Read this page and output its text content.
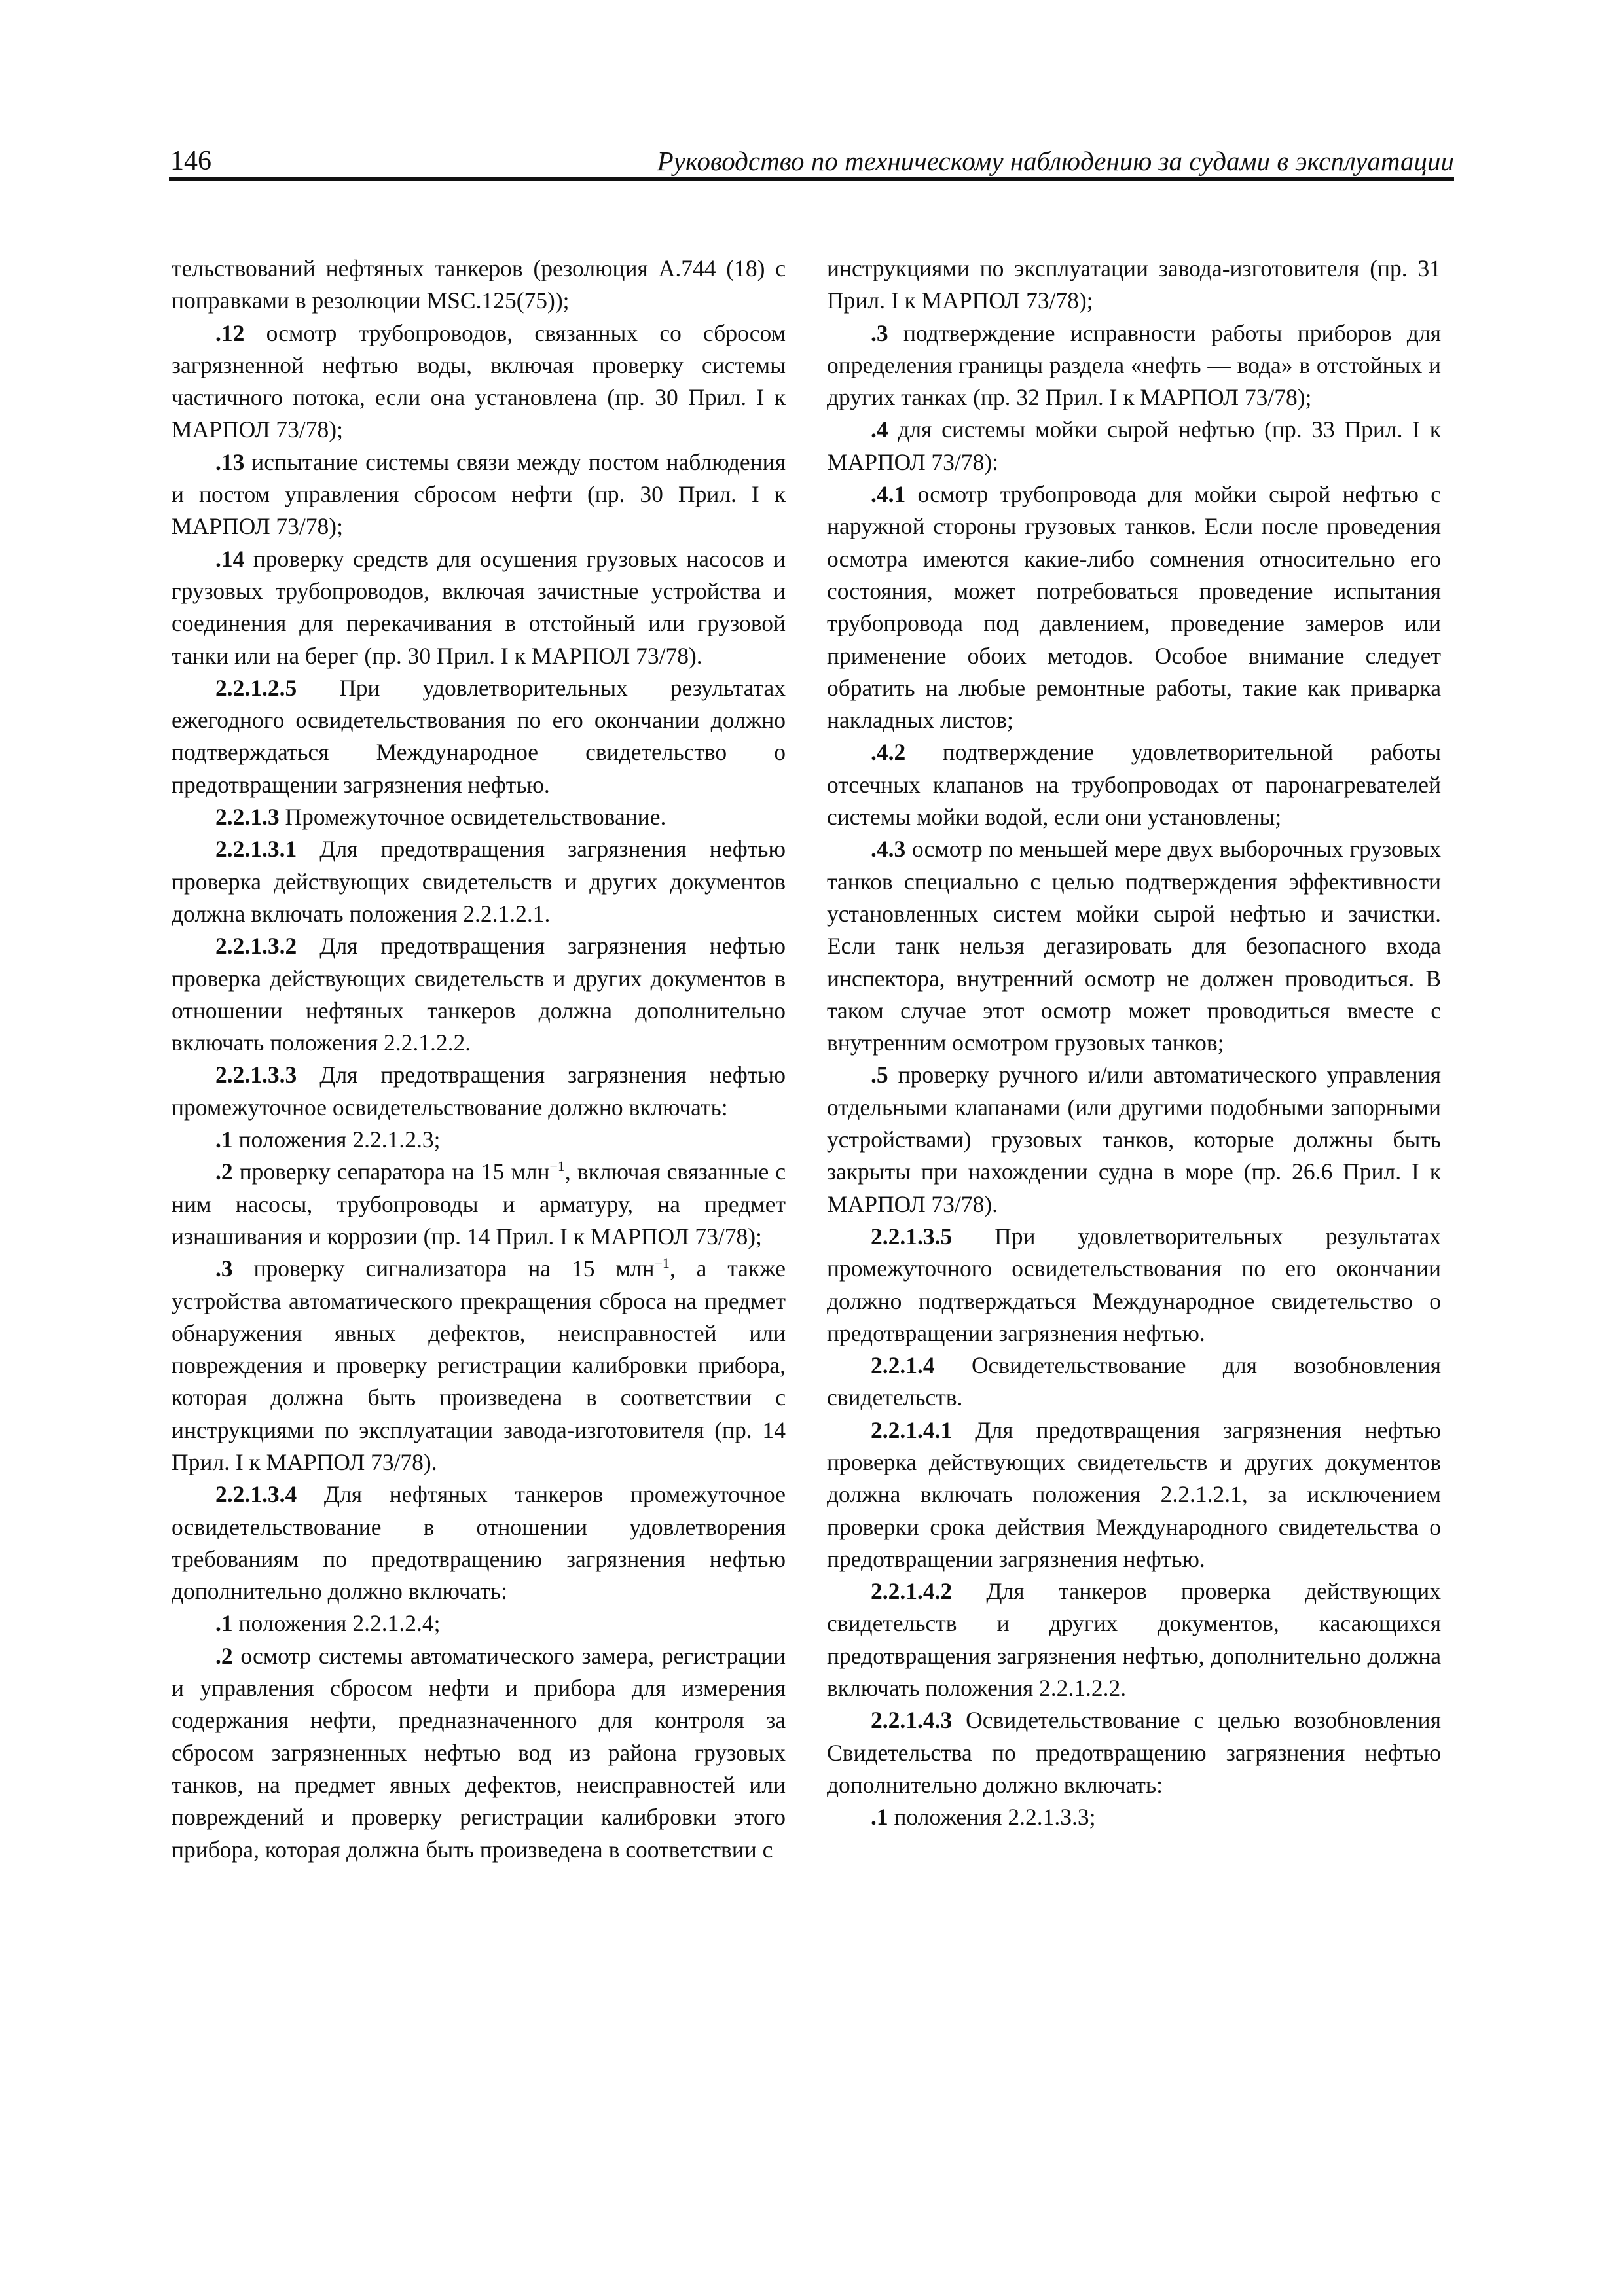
146	Руководство по техническому наблюдению за судами в эксплуатации

тельствований нефтяных танкеров (резолюция А.744 (18) с поправками в резолюции MSC.125(75));

.12 осмотр трубопроводов, связанных со сбросом загрязненной нефтью воды, включая проверку системы частичного потока, если она установлена (пр. 30 Прил. I к МАРПОЛ 73/78);

.13 испытание системы связи между постом наблюдения и постом управления сбросом нефти (пр. 30 Прил. I к МАРПОЛ 73/78);

.14 проверку средств для осушения грузовых насосов и грузовых трубопроводов, включая зачистные устройства и соединения для перекачивания в отстойный или грузовой танки или на берег (пр. 30 Прил. I к МАРПОЛ 73/78).

2.2.1.2.5 При удовлетворительных результатах ежегодного освидетельствования по его окончании должно подтверждаться Международное свидетельство о предотвращении загрязнения нефтью.

2.2.1.3 Промежуточное освидетельствование.

2.2.1.3.1 Для предотвращения загрязнения нефтью проверка действующих свидетельств и других документов должна включать положения 2.2.1.2.1.

2.2.1.3.2 Для предотвращения загрязнения нефтью проверка действующих свидетельств и других документов в отношении нефтяных танкеров должна дополнительно включать положения 2.2.1.2.2.

2.2.1.3.3 Для предотвращения загрязнения нефтью промежуточное освидетельствование должно включать:

.1 положения 2.2.1.2.3;

.2 проверку сепаратора на 15 млн$^{-1}$, включая связанные с ним насосы, трубопроводы и арматуру, на предмет изнашивания и коррозии (пр. 14 Прил. I к МАРПОЛ 73/78);

.3 проверку сигнализатора на 15 млн$^{-1}$, а также устройства автоматического прекращения сброса на предмет обнаружения явных дефектов, неисправностей или повреждения и проверку регистрации калибровки прибора, которая должна быть произведена в соответствии с инструкциями по эксплуатации завода-изготовителя (пр. 14 Прил. I к МАРПОЛ 73/78).

2.2.1.3.4 Для нефтяных танкеров промежуточное освидетельствование в отношении удовлетворения требованиям по предотвращению загрязнения нефтью дополнительно должно включать:

.1 положения 2.2.1.2.4;

.2 осмотр системы автоматического замера, регистрации и управления сбросом нефти и прибора для измерения содержания нефти, предназначенного для контроля за сбросом загрязненных нефтью вод из района грузовых танков, на предмет явных дефектов, неисправностей или повреждений и проверку регистрации калибровки этого прибора, которая должна быть произведена в соответствии с

инструкциями по эксплуатации завода-изготовителя (пр. 31 Прил. I к МАРПОЛ 73/78);

.3 подтверждение исправности работы приборов для определения границы раздела «нефть — вода» в отстойных и других танках (пр. 32 Прил. I к МАРПОЛ 73/78);

.4 для системы мойки сырой нефтью (пр. 33 Прил. I к МАРПОЛ 73/78):

.4.1 осмотр трубопровода для мойки сырой нефтью с наружной стороны грузовых танков. Если после проведения осмотра имеются какие-либо сомнения относительно его состояния, может потребоваться проведение испытания трубопровода под давлением, проведение замеров или применение обоих методов. Особое внимание следует обратить на любые ремонтные работы, такие как приварка накладных листов;

.4.2 подтверждение удовлетворительной работы отсечных клапанов на трубопроводах от паронагревателей системы мойки водой, если они установлены;

.4.3 осмотр по меньшей мере двух выборочных грузовых танков специально с целью подтверждения эффективности установленных систем мойки сырой нефтью и зачистки. Если танк нельзя дегазировать для безопасного входа инспектора, внутренний осмотр не должен проводиться. В таком случае этот осмотр может проводиться вместе с внутренним осмотром грузовых танков;

.5 проверку ручного и/или автоматического управления отдельными клапанами (или другими подобными запорными устройствами) грузовых танков, которые должны быть закрыты при нахождении судна в море (пр. 26.6 Прил. I к МАРПОЛ 73/78).

2.2.1.3.5 При удовлетворительных результатах промежуточного освидетельствования по его окончании должно подтверждаться Международное свидетельство о предотвращении загрязнения нефтью.

2.2.1.4 Освидетельствование для возобновления свидетельств.

2.2.1.4.1 Для предотвращения загрязнения нефтью проверка действующих свидетельств и других документов должна включать положения 2.2.1.2.1, за исключением проверки срока действия Международного свидетельства о предотвращении загрязнения нефтью.

2.2.1.4.2 Для танкеров проверка действующих свидетельств и других документов, касающихся предотвращения загрязнения нефтью, дополнительно должна включать положения 2.2.1.2.2.

2.2.1.4.3 Освидетельствование с целью возобновления Свидетельства по предотвращению загрязнения нефтью дополнительно должно включать:

.1 положения 2.2.1.3.3;
